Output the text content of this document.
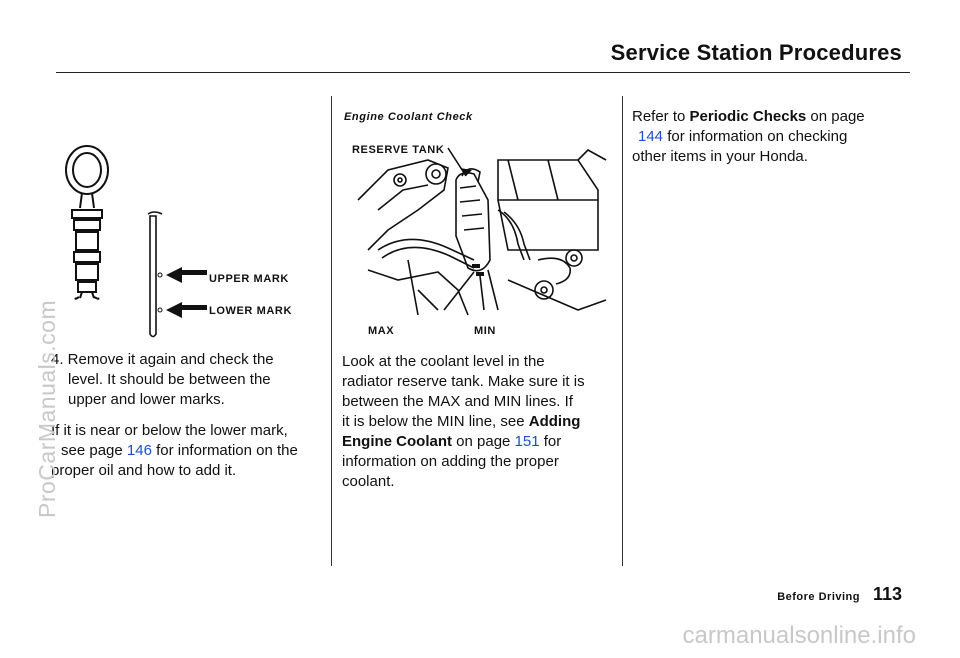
Service Station Procedures
UPPER MARK
LOWER MARK

4. Remove it again and check the

level. It should be between the

upper and lower marks.

If it is near or below the lower mark,

see page 146 for information on the

proper oil and how to add it.

Engine Coolant Check
RESERVE TANK
MAX	MIN

Look at the coolant level in the

radiator reserve tank. Make sure it is

between the MAX and MIN lines. If

it is below the MIN line, see Adding

Engine Coolant on page 151 for

information on adding the proper

coolant.

Refer to Periodic Checks on page

144 for information on checking

other items in your Honda.

Before Driving 113
ProCarManuals.com
carmanualsonline.info
